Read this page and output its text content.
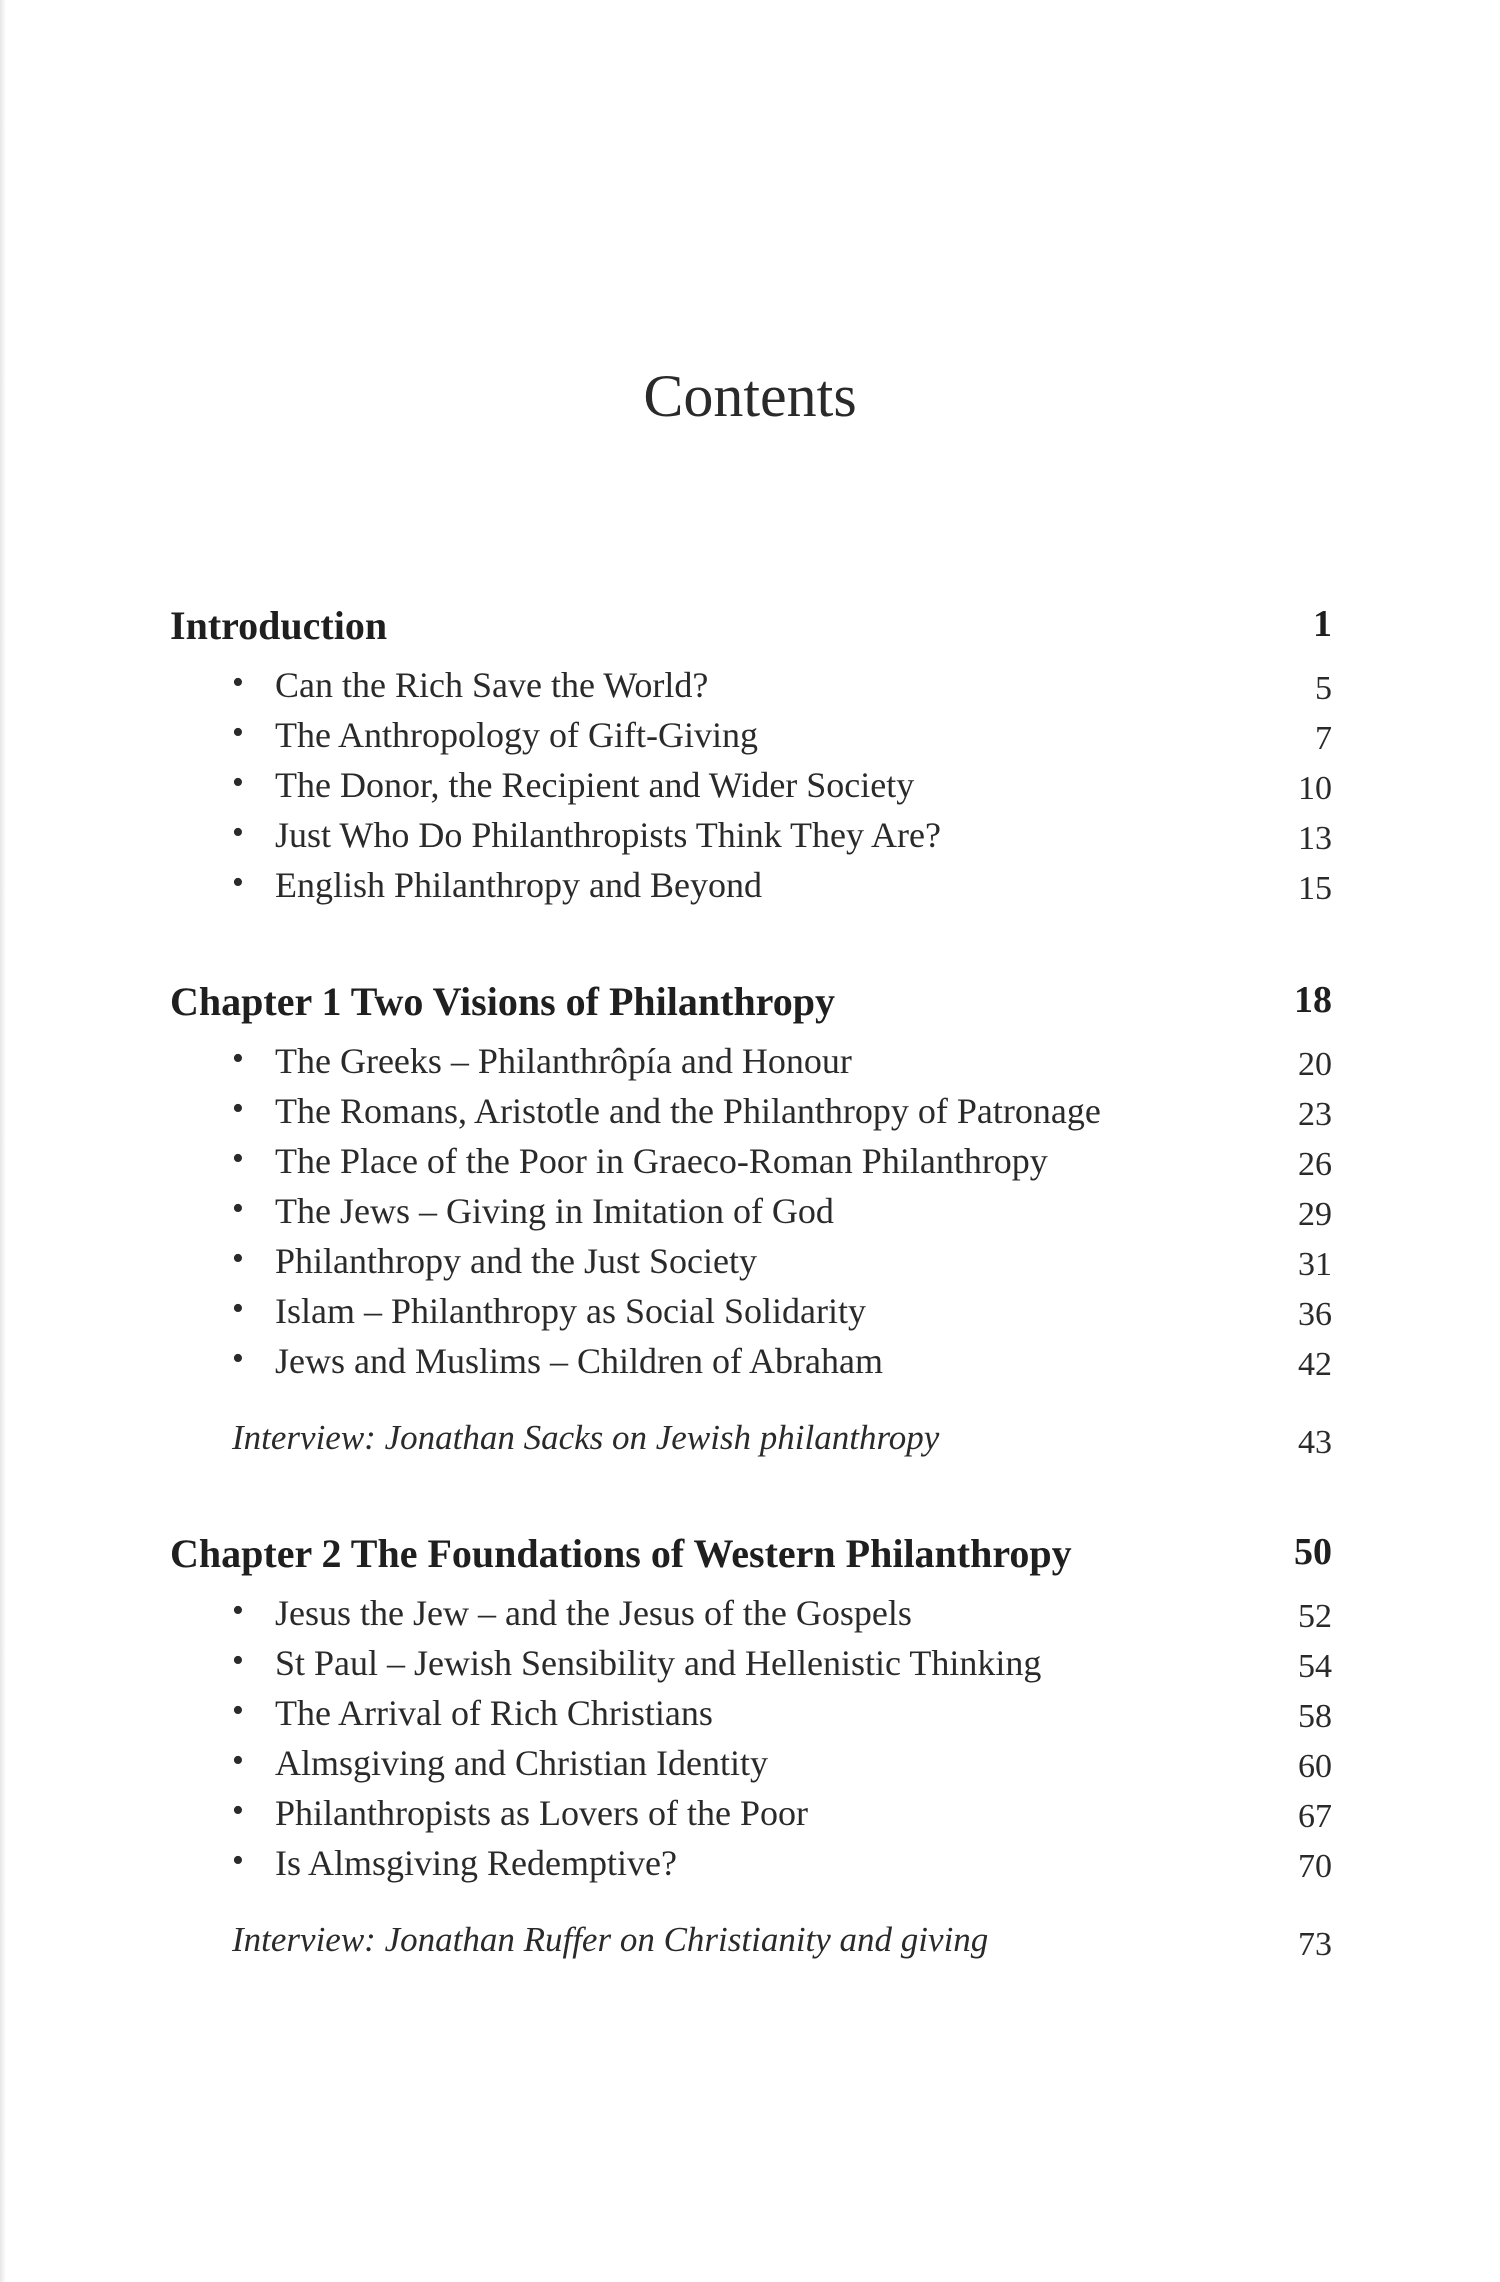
Contents
Introduction	1
• Can the Rich Save the World?	5
• The Anthropology of Gift-Giving	7
• The Donor, the Recipient and Wider Society	10
• Just Who Do Philanthropists Think They Are?	13
• English Philanthropy and Beyond	15
Chapter 1 Two Visions of Philanthropy	18
• The Greeks – Philanthrôpía and Honour	20
• The Romans, Aristotle and the Philanthropy of Patronage	23
• The Place of the Poor in Graeco-Roman Philanthropy	26
• The Jews – Giving in Imitation of God	29
• Philanthropy and the Just Society	31
• Islam – Philanthropy as Social Solidarity	36
• Jews and Muslims – Children of Abraham	42
Interview: Jonathan Sacks on Jewish philanthropy	43
Chapter 2 The Foundations of Western Philanthropy	50
• Jesus the Jew – and the Jesus of the Gospels	52
• St Paul – Jewish Sensibility and Hellenistic Thinking	54
• The Arrival of Rich Christians	58
• Almsgiving and Christian Identity	60
• Philanthropists as Lovers of the Poor	67
• Is Almsgiving Redemptive?	70
Interview: Jonathan Ruffer on Christianity and giving	73
